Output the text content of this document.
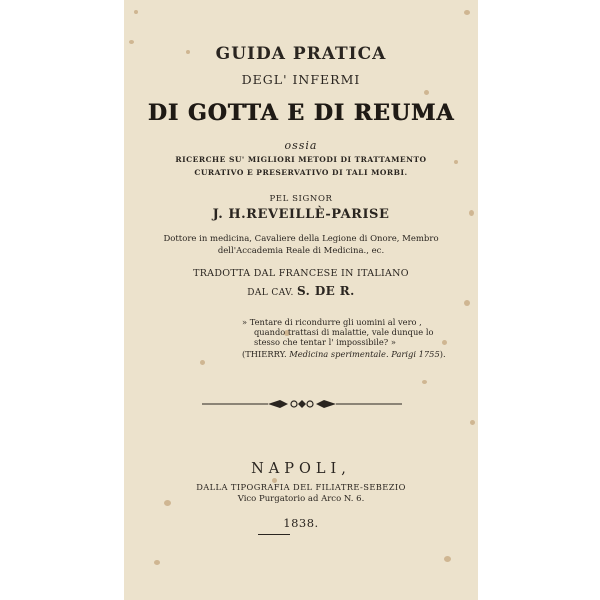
GUIDA PRATICA
DEGL' INFERMI
DI GOTTA E DI REUMA
ossia
RICERCHE SU' MIGLIORI METODI DI TRATTAMENTO
CURATIVO E PRESERVATIVO DI TALI MORBI.
PEL SIGNOR
J. H.REVEILLÈ-PARISE
Dottore in medicina, Cavaliere della Legione di Onore, Membro
dell'Accademia Reale di Medicina., ec.
TRADOTTA DAL FRANCESE IN ITALIANO
DAL CAV. S. DE R.
» Tentare di ricondurre gli uomini al vero ,
quando trattasi di malattie, vale dunque lo
stesso che tentar l' impossibile? »
(THIERRY. Medicina sperimentale. Parigi 1755).
NAPOLI,
DALLA TIPOGRAFIA DEL FILIATRE-SEBEZIO
Vico Purgatorio ad Arco N. 6.
1838.
